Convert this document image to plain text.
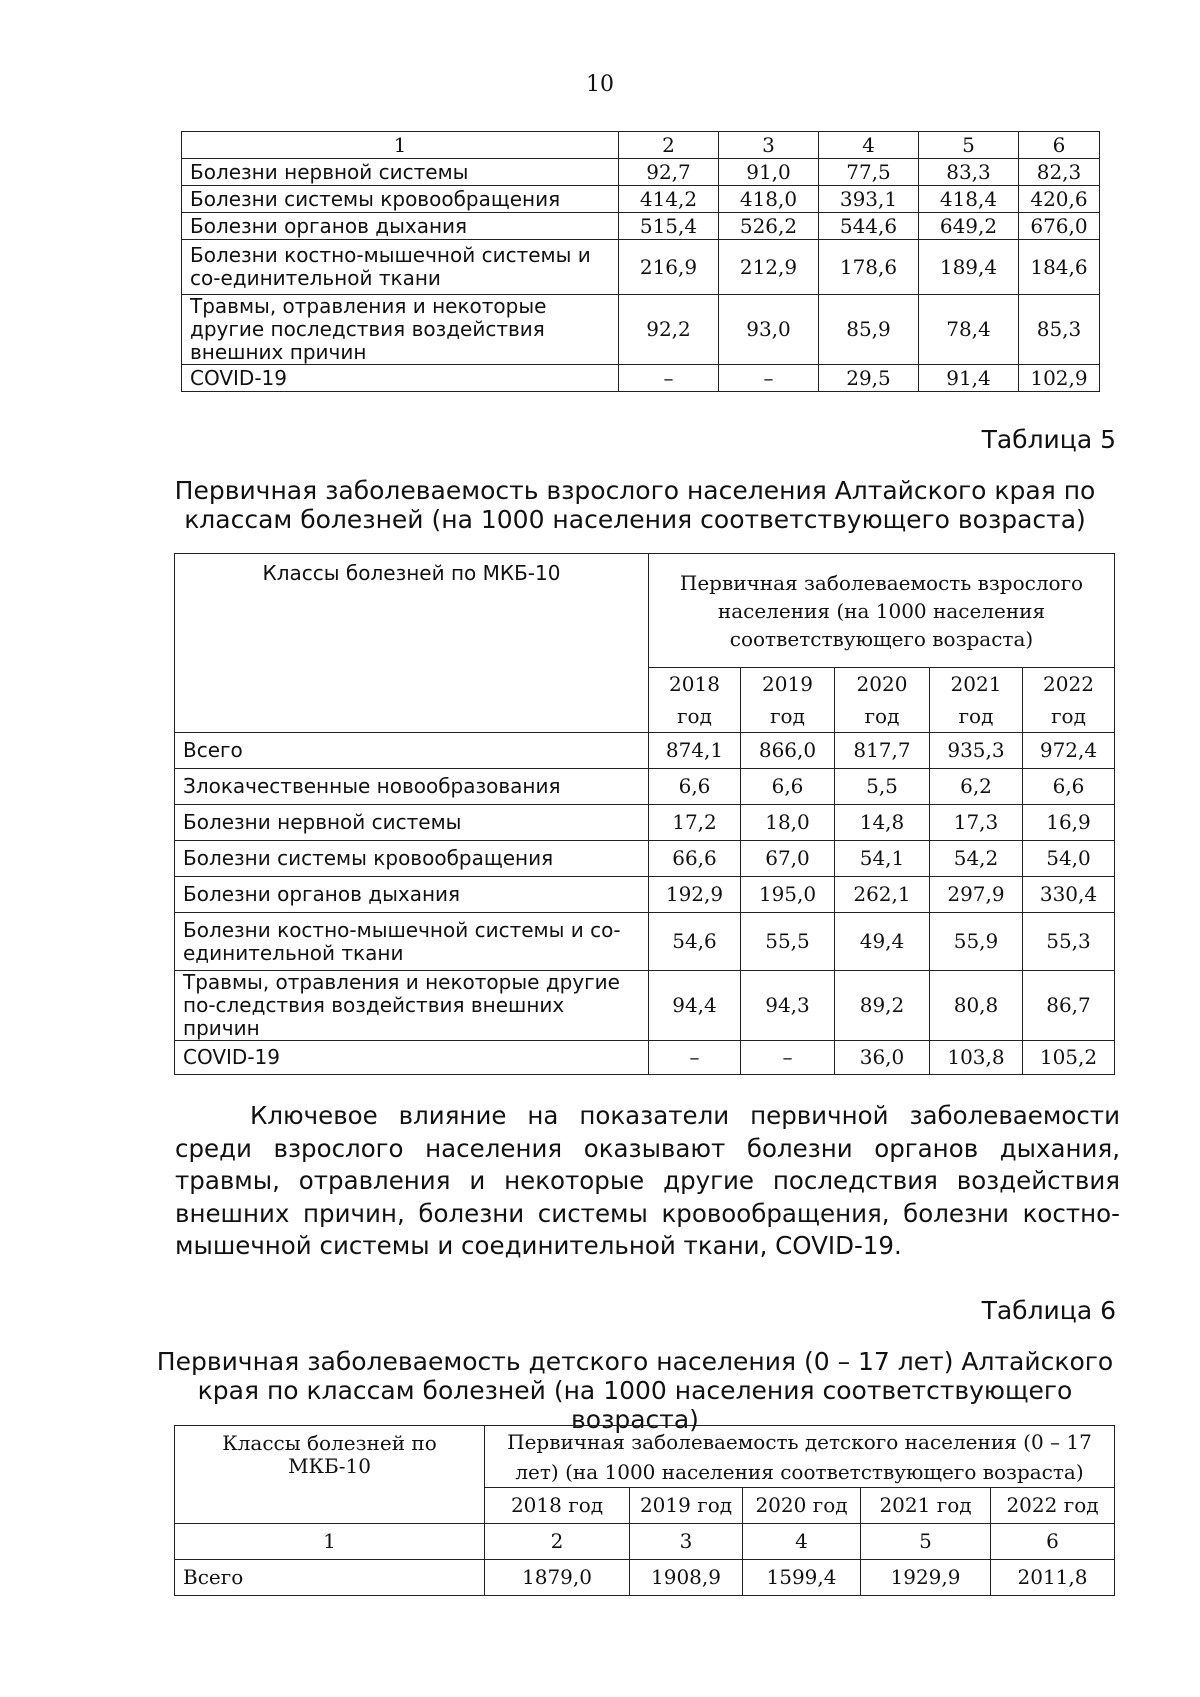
10
1	2	3	4	5	6
Болезни нервной системы	92,7	91,0	77,5	83,3	82,3
Болезни системы кровообращения	414,2	418,0	393,1	418,4	420,6
Болезни органов дыхания	515,4	526,2	544,6	649,2	676,0
Болезни костно-мышечной системы и со-единительной ткани	216,9	212,9	178,6	189,4	184,6
Травмы, отравления и некоторые другие последствия воздействия внешних причин	92,2	93,0	85,9	78,4	85,3
COVID-19	–	–	29,5	91,4	102,9
Таблица 5
Первичная заболеваемость взрослого населения Алтайского края по классам болезней (на 1000 населения соответствующего возраста)
Классы болезней по МКБ-10	Первичная заболеваемость взрослого населения (на 1000 населения соответствующего возраста)				
	2018 год	2019 год	2020 год	2021 год	2022 год
Всего	874,1	866,0	817,7	935,3	972,4
Злокачественные новообразования	6,6	6,6	5,5	6,2	6,6
Болезни нервной системы	17,2	18,0	14,8	17,3	16,9
Болезни системы кровообращения	66,6	67,0	54,1	54,2	54,0
Болезни органов дыхания	192,9	195,0	262,1	297,9	330,4
Болезни костно-мышечной системы и со-единительной ткани	54,6	55,5	49,4	55,9	55,3
Травмы, отравления и некоторые другие по-следствия воздействия внешних причин	94,4	94,3	89,2	80,8	86,7
COVID-19	–	–	36,0	103,8	105,2
Ключевое влияние на показатели первичной заболеваемости среди взрослого населения оказывают болезни органов дыхания, травмы, отравления и некоторые другие последствия воздействия внешних причин, болезни системы кровообращения, болезни костно-мышечной системы и соединительной ткани, COVID-19.
Таблица 6
Первичная заболеваемость детского населения (0 – 17 лет) Алтайского края по классам болезней (на 1000 населения соответствующего возраста)
Классы болезней по МКБ-10	Первичная заболеваемость детского населения (0 – 17 лет) (на 1000 населения соответствующего возраста)				
	2018 год	2019 год	2020 год	2021 год	2022 год
1	2	3	4	5	6
Всего	1879,0	1908,9	1599,4	1929,9	2011,8
